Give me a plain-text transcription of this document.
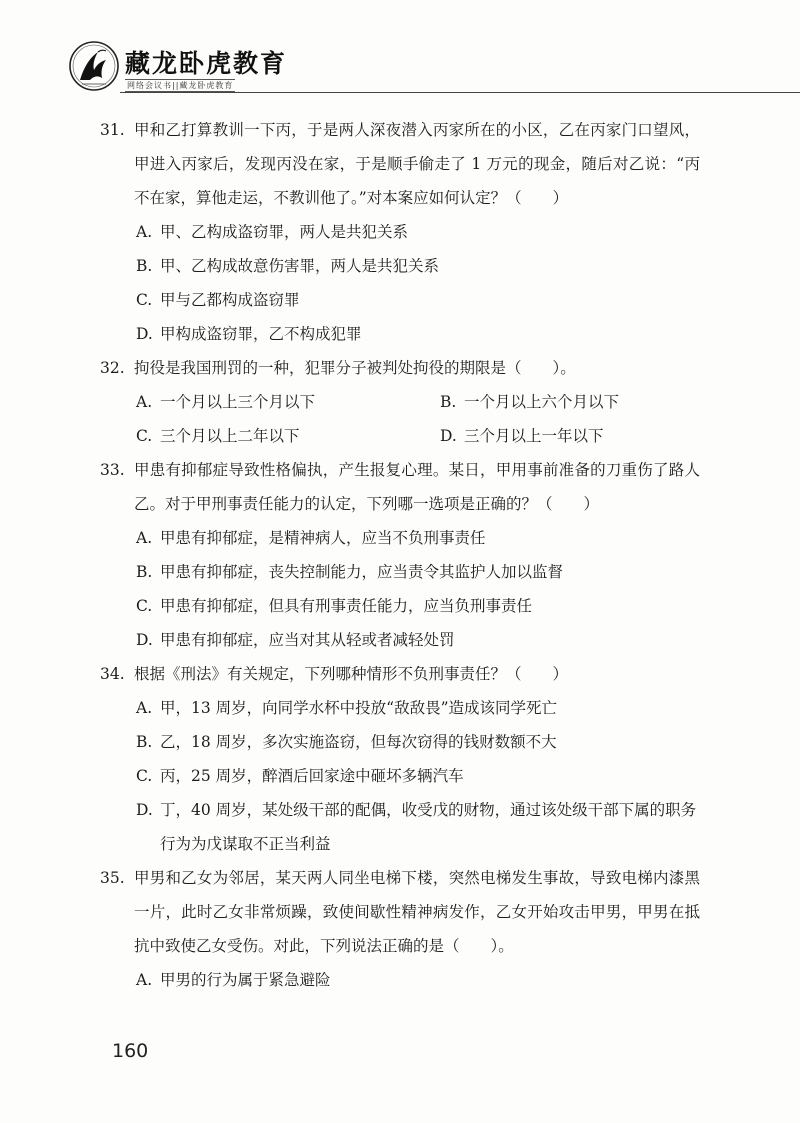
藏龙卧虎教育
网络会议书||藏龙卧虎教育
31. 甲和乙打算教训一下丙，于是两人深夜潜入丙家所在的小区，乙在丙家门口望风，甲进入丙家后，发现丙没在家，于是顺手偷走了 1 万元的现金，随后对乙说：“丙不在家，算他走运，不教训他了。”对本案应如何认定？（　　）
A. 甲、乙构成盗窃罪，两人是共犯关系
B. 甲、乙构成故意伤害罪，两人是共犯关系
C. 甲与乙都构成盗窃罪
D. 甲构成盗窃罪，乙不构成犯罪
32. 拘役是我国刑罚的一种，犯罪分子被判处拘役的期限是（　　）。
A. 一个月以上三个月以下	B. 一个月以上六个月以下
C. 三个月以上二年以下	D. 三个月以上一年以下
33. 甲患有抑郁症导致性格偏执，产生报复心理。某日，甲用事前准备的刀重伤了路人乙。对于甲刑事责任能力的认定，下列哪一选项是正确的？（　　）
A. 甲患有抑郁症，是精神病人，应当不负刑事责任
B. 甲患有抑郁症，丧失控制能力，应当责令其监护人加以监督
C. 甲患有抑郁症，但具有刑事责任能力，应当负刑事责任
D. 甲患有抑郁症，应当对其从轻或者减轻处罚
34. 根据《刑法》有关规定，下列哪种情形不负刑事责任？（　　）
A. 甲，13 周岁，向同学水杯中投放“敌敌畏”造成该同学死亡
B. 乙，18 周岁，多次实施盗窃，但每次窃得的钱财数额不大
C. 丙，25 周岁，醉酒后回家途中砸坏多辆汽车
D. 丁，40 周岁，某处级干部的配偶，收受戊的财物，通过该处级干部下属的职务行为为戊谋取不正当利益
35. 甲男和乙女为邻居，某天两人同坐电梯下楼，突然电梯发生事故，导致电梯内漆黑一片，此时乙女非常烦躁，致使间歇性精神病发作，乙女开始攻击甲男，甲男在抵抗中致使乙女受伤。对此，下列说法正确的是（　　）。
A. 甲男的行为属于紧急避险
160
